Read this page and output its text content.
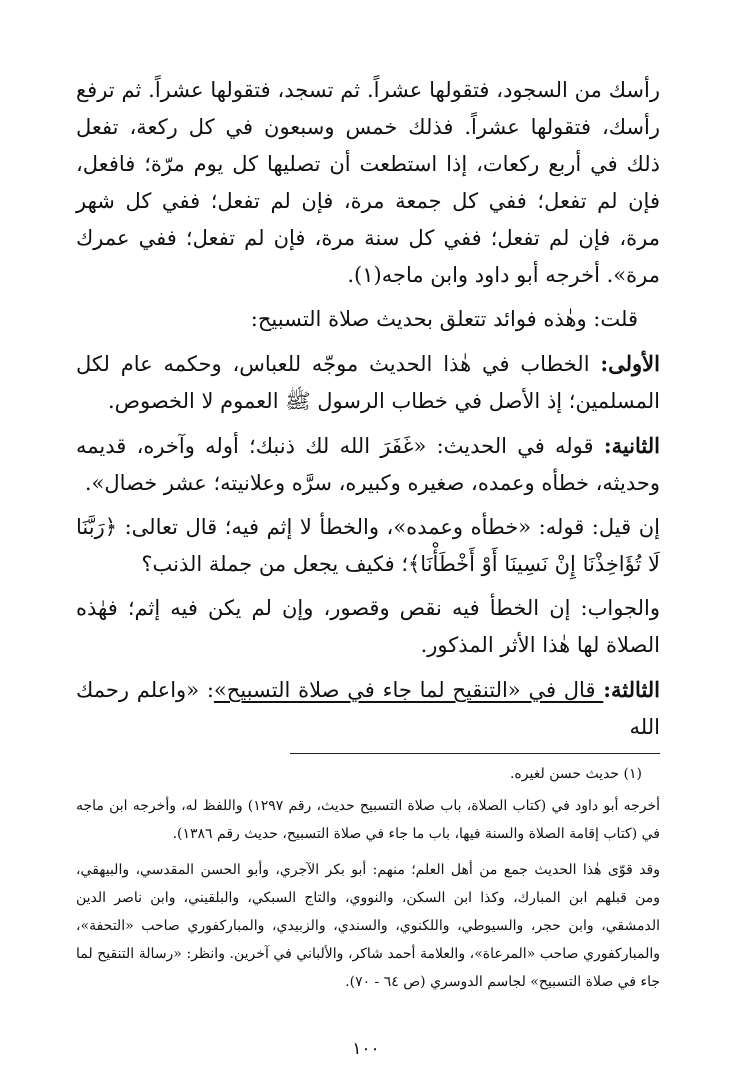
رأسك من السجود، فتقولها عشراً. ثم تسجد، فتقولها عشراً. ثم ترفع رأسك، فتقولها عشراً. فذلك خمس وسبعون في كل ركعة، تفعل ذلك في أربع ركعات، إذا استطعت أن تصليها كل يوم مرّة؛ فافعل، فإن لم تفعل؛ ففي كل جمعة مرة، فإن لم تفعل؛ ففي كل شهر مرة، فإن لم تفعل؛ ففي كل سنة مرة، فإن لم تفعل؛ ففي عمرك مرة». أخرجه أبو داود وابن ماجه(١).

قلت: وهٰذه فوائد تتعلق بحديث صلاة التسبيح:

الأولى: الخطاب في هٰذا الحديث موجّه للعباس، وحكمه عام لكل المسلمين؛ إذ الأصل في خطاب الرسول ﷺ العموم لا الخصوص.

الثانية: قوله في الحديث: «غَفَرَ الله لك ذنبك؛ أوله وآخره، قديمه وحديثه، خطأه وعمده، صغيره وكبيره، سرَّه وعلانيته؛ عشر خصال».

إن قيل: قوله: «خطأه وعمده»، والخطأ لا إثم فيه؛ قال تعالى: ﴿رَبَّنَا لَا تُؤَاخِذْنَا إِنْ نَسِينَا أَوْ أَخْطَأْنَا﴾؛ فكيف يجعل من جملة الذنب؟

والجواب: إن الخطأ فيه نقص وقصور، وإن لم يكن فيه إثم؛ فهٰذه الصلاة لها هٰذا الأثر المذكور.

الثالثة: قال في «التنقيح لما جاء في صلاة التسبيح»: «واعلم رحمك الله

(١) حديث حسن لغيره.

أخرجه أبو داود في (كتاب الصلاة، باب صلاة التسبيح حديث، رقم ١٢٩٧) واللفظ له، وأخرجه ابن ماجه في (كتاب إقامة الصلاة والسنة فيها، باب ما جاء في صلاة التسبيح، حديث رقم ١٣٨٦).

وقد قوّى هٰذا الحديث جمع من أهل العلم؛ منهم: أبو بكر الآجري، وأبو الحسن المقدسي، والبيهقي، ومن قبلهم ابن المبارك، وكذا ابن السكن، والنووي، والتاج السبكي، والبلقيني، وابن ناصر الدين الدمشقي، وابن حجر، والسيوطي، واللكنوي، والسندي، والزبيدي، والمباركفوري صاحب «التحفة»، والمباركفوري صاحب «المرعاة»، والعلامة أحمد شاكر، والألباني في آخرين. وانظر: «رسالة التنقيح لما جاء في صلاة التسبيح» لجاسم الدوسري (ص ٦٤ - ٧٠).

١٠٠
